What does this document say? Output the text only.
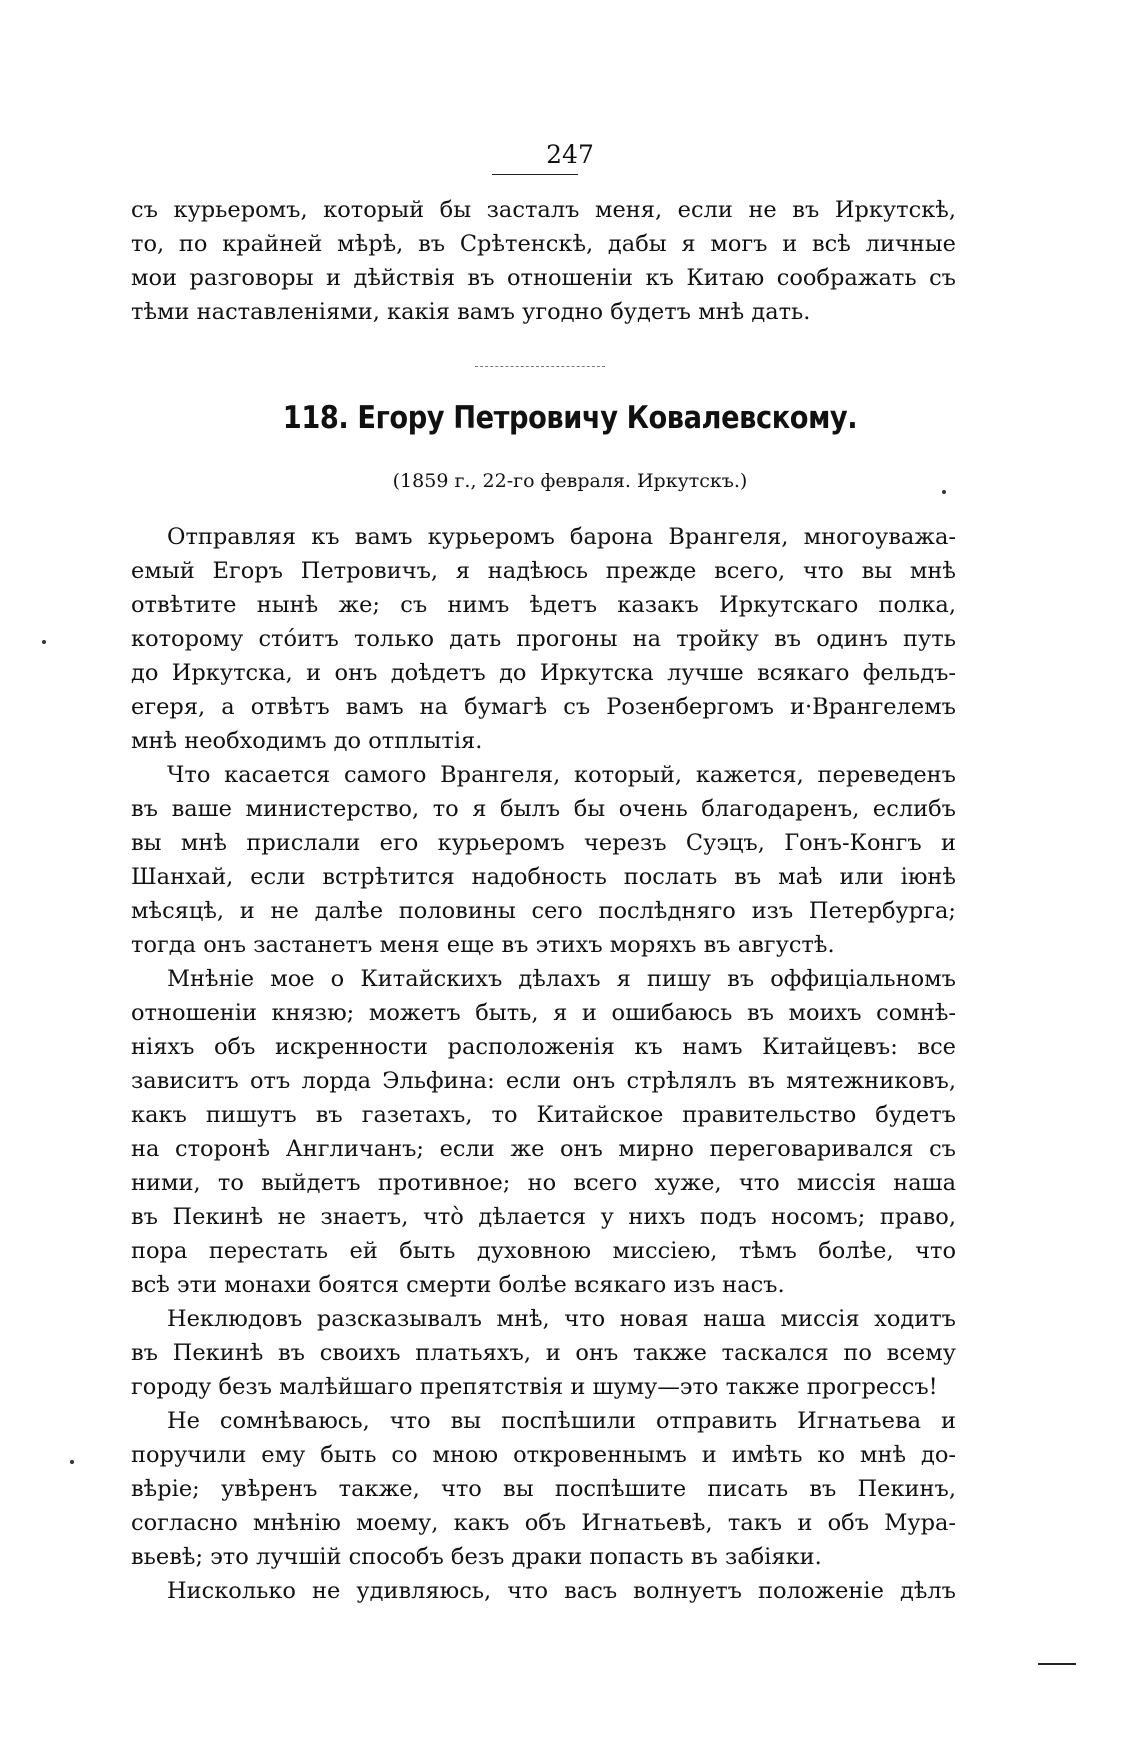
247
съ курьеромъ, который бы засталъ меня, если не въ Иркутскѣ,
то, по крайней мѣрѣ, въ Срѣтенскѣ, дабы я могъ и всѣ личные
мои разговоры и дѣйствія въ отношеніи къ Китаю соображать съ
тѣми наставленіями, какія вамъ угодно будетъ мнѣ дать.
118. Егору Петровичу Ковалевскому.
(1859 г., 22-го февраля. Иркутскъ.)
Отправляя къ вамъ курьеромъ барона Врангеля, многоуважа-
емый Егоръ Петровичъ, я надѣюсь прежде всего, что вы мнѣ
отвѣтите нынѣ же; съ нимъ ѣдетъ казакъ Иркутскаго полка,
которому стóитъ только дать прогоны на тройку въ одинъ путь
до Иркутска, и онъ доѣдетъ до Иркутска лучше всякаго фельдъ-
егеря, а отвѣтъ вамъ на бумагѣ съ Розенбергомъ и·Врангелемъ
мнѣ необходимъ до отплытія.
Что касается самого Врангеля, который, кажется, переведенъ
въ ваше министерство, то я былъ бы очень благодаренъ, еслибъ
вы мнѣ прислали его курьеромъ черезъ Суэцъ, Гонъ-Конгъ и
Шанхай, если встрѣтится надобность послать въ маѣ или іюнѣ
мѣсяцѣ, и не далѣе половины сего послѣдняго изъ Петербурга;
тогда онъ застанетъ меня еще въ этихъ моряхъ въ августѣ.
Мнѣніе мое о Китайскихъ дѣлахъ я пишу въ оффиціальномъ
отношеніи князю; можетъ быть, я и ошибаюсь въ моихъ сомнѣ-
ніяхъ объ искренности расположенія къ намъ Китайцевъ: все
зависитъ отъ лорда Эльфина: если онъ стрѣлялъ въ мятежниковъ,
какъ пишутъ въ газетахъ, то Китайское правительство будетъ
на сторонѣ Англичанъ; если же онъ мирно переговаривался съ
ними, то выйдетъ противное; но всего хуже, что миссія наша
въ Пекинѣ не знаетъ, что̀ дѣлается у нихъ подъ носомъ; право,
пора перестать ей быть духовною миссіею, тѣмъ болѣе, что
всѣ эти монахи боятся смерти болѣе всякаго изъ насъ.
Неклюдовъ разсказывалъ мнѣ, что новая наша миссія ходитъ
въ Пекинѣ въ своихъ платьяхъ, и онъ также таскался по всему
городу безъ малѣйшаго препятствія и шуму—это также прогрессъ!
Не сомнѣваюсь, что вы поспѣшили отправить Игнатьева и
поручили ему быть со мною откровеннымъ и имѣть ко мнѣ до-
вѣріе; увѣренъ также, что вы поспѣшите писать въ Пекинъ,
согласно мнѣнію моему, какъ объ Игнатьевѣ, такъ и объ Мура-
вьевѣ; это лучшій способъ безъ драки попасть въ забіяки.
Нисколько не удивляюсь, что васъ волнуетъ положеніе дѣлъ
